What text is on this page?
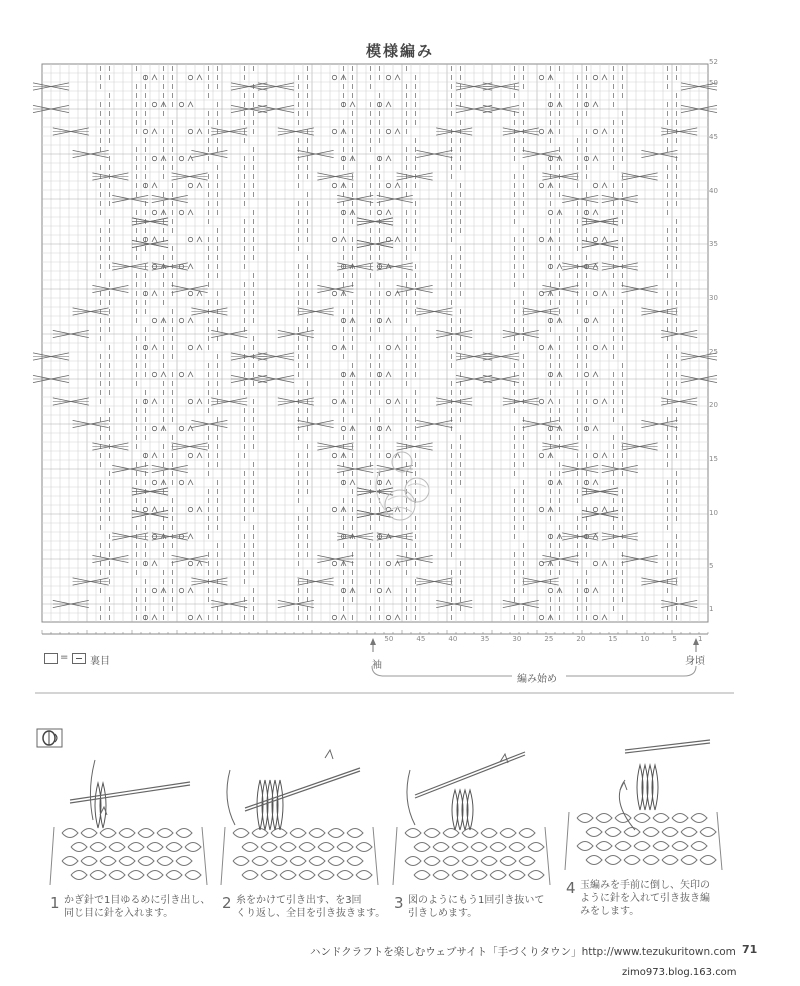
模様編み
1
5
10
15
20
25
30
35
40
45
50
52
1
5
10
15
20
25
30
35
40
45
50
袖	身頃
編み始め
= 裏目
1 かぎ針で1目ゆるめに引き出し、
同じ目に針を入れます。
2 糸をかけて引き出す、を3回
くり返し、全目を引き抜きます。
3 図のようにもう1回引き抜いて
引きしめます。
4 玉編みを手前に倒し、矢印の
ように針を入れて引き抜き編
みをします。
ハンドクラフトを楽しむウェブサイト「手づくりタウン」http://www.tezukuritown.com 71
zimo973.blog.163.com
